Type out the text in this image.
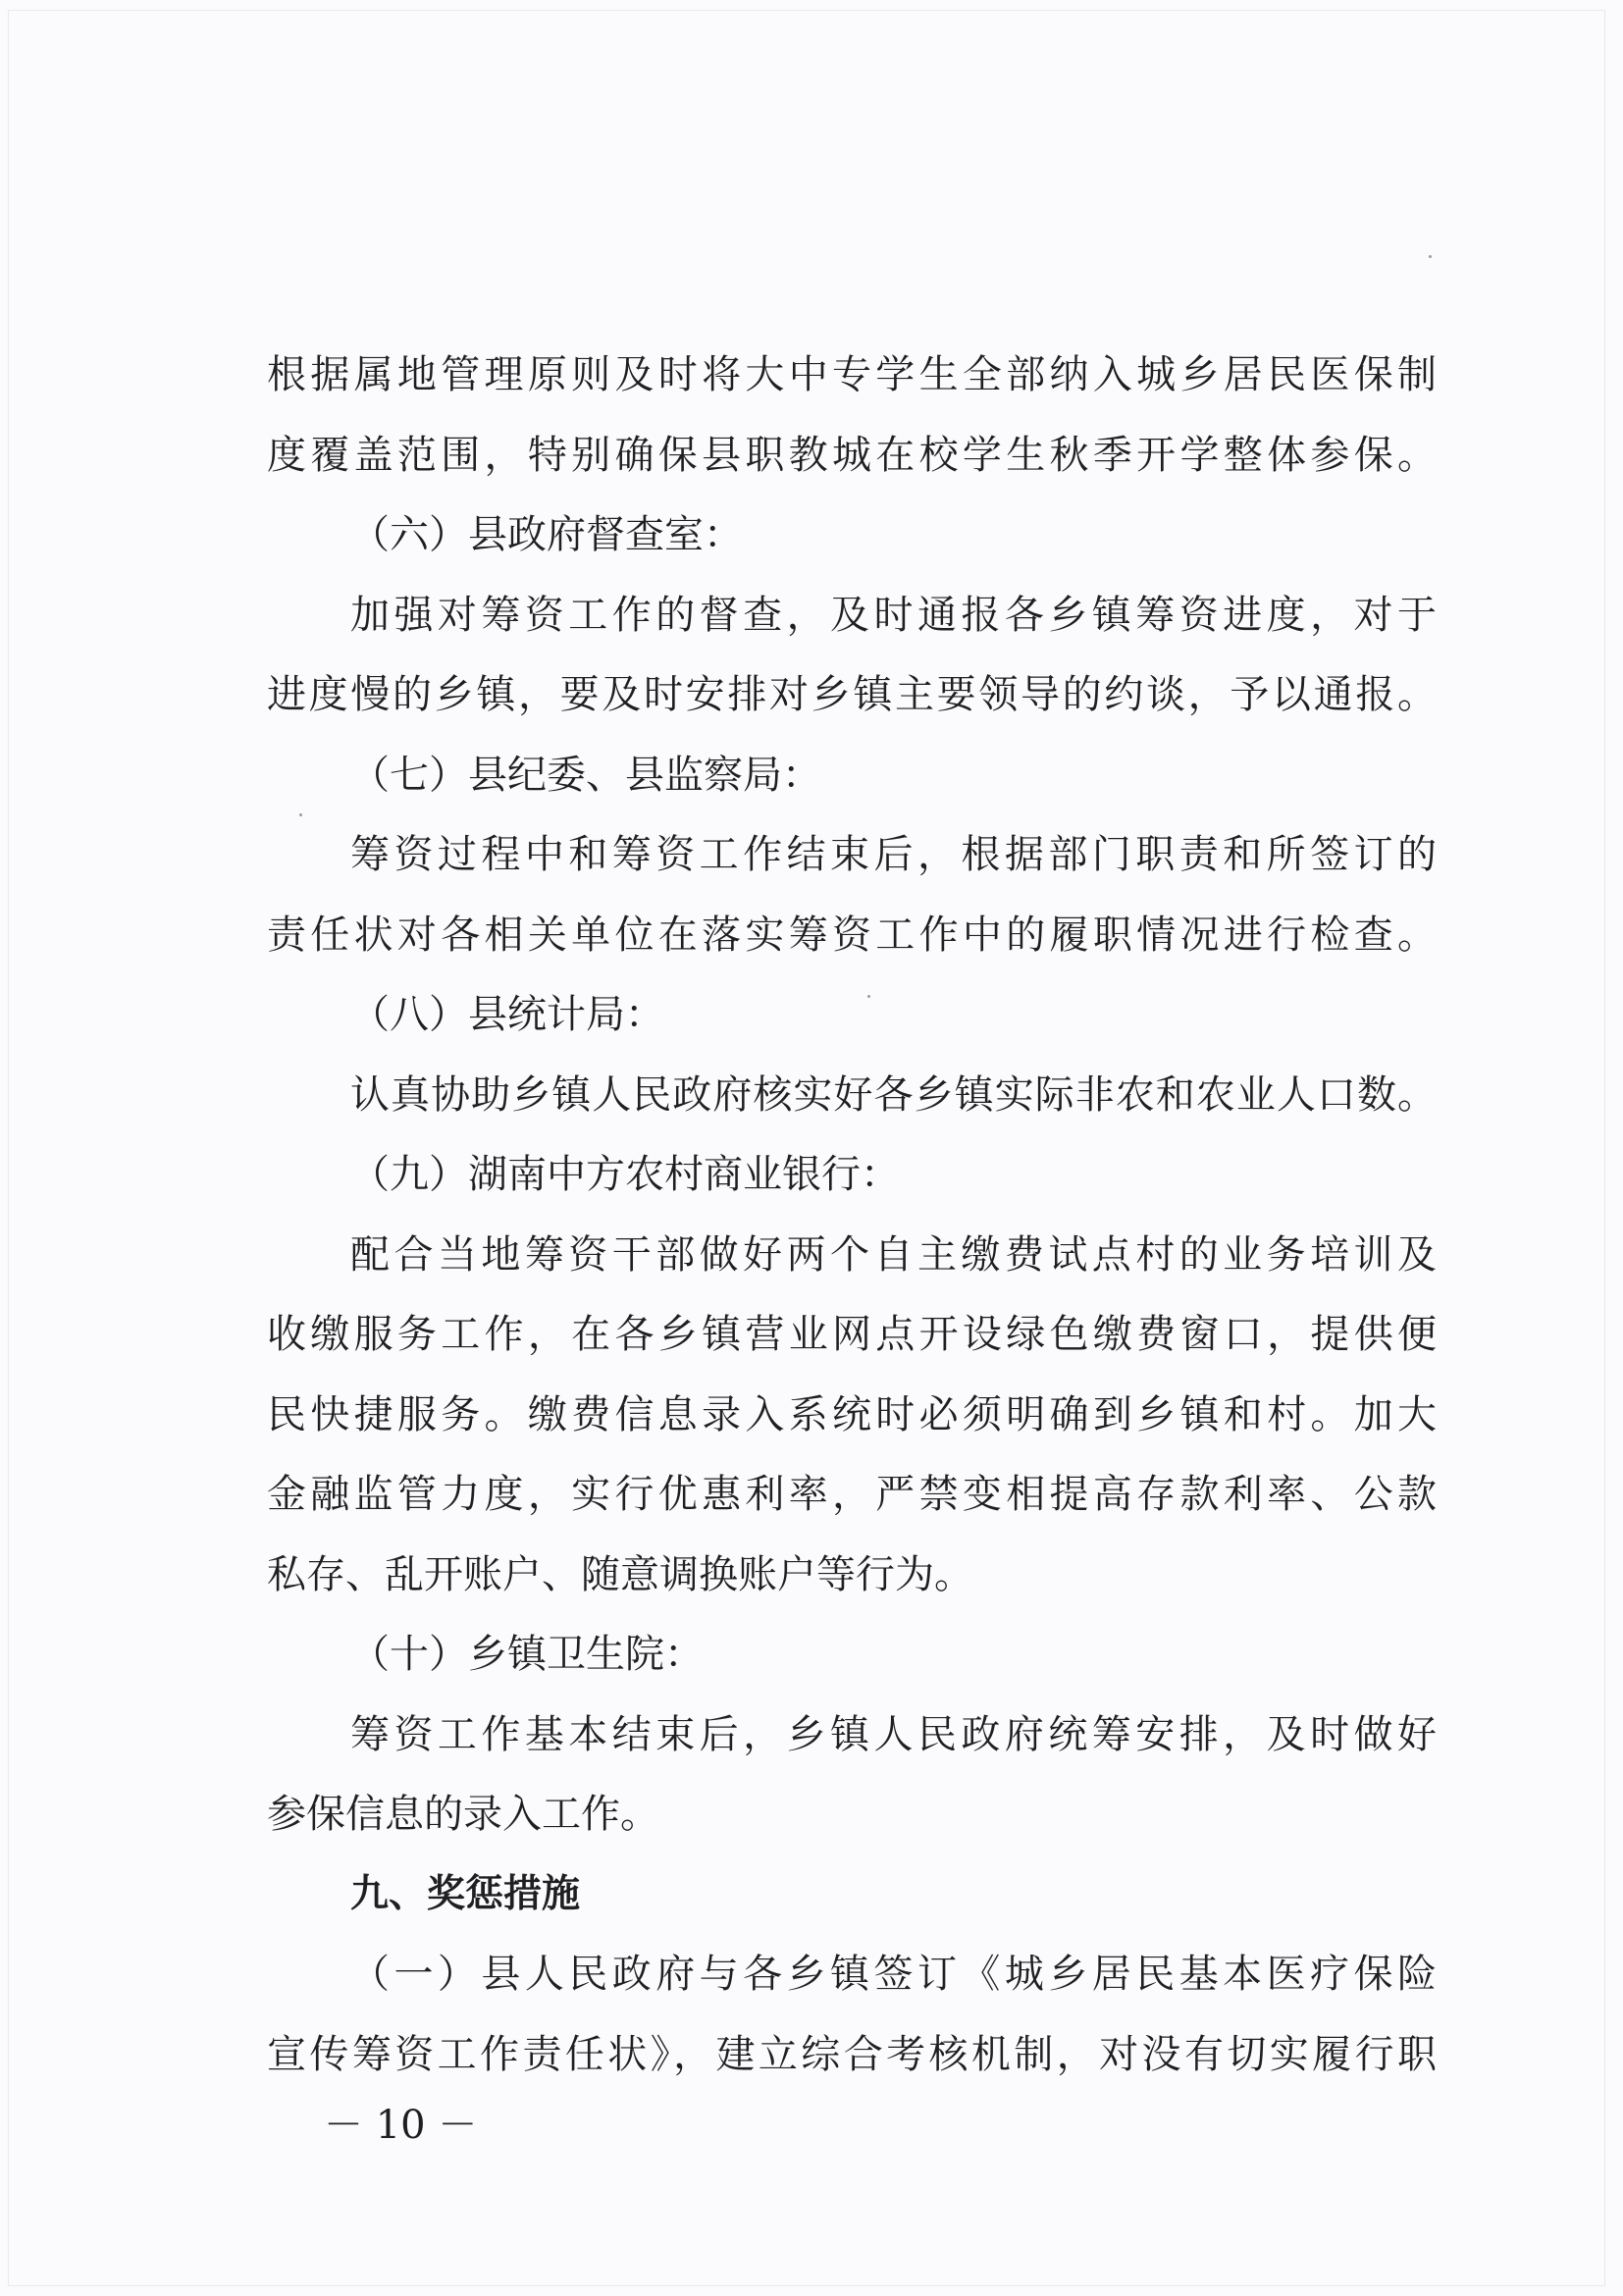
根据属地管理原则及时将大中专学生全部纳入城乡居民医保制
度覆盖范围，特别确保县职教城在校学生秋季开学整体参保。
（六）县政府督查室：
加强对筹资工作的督查，及时通报各乡镇筹资进度，对于
进度慢的乡镇，要及时安排对乡镇主要领导的约谈，予以通报。
（七）县纪委、县监察局：
筹资过程中和筹资工作结束后，根据部门职责和所签订的
责任状对各相关单位在落实筹资工作中的履职情况进行检查。
（八）县统计局：
认真协助乡镇人民政府核实好各乡镇实际非农和农业人口数。
（九）湖南中方农村商业银行：
配合当地筹资干部做好两个自主缴费试点村的业务培训及
收缴服务工作，在各乡镇营业网点开设绿色缴费窗口，提供便
民快捷服务。缴费信息录入系统时必须明确到乡镇和村。加大
金融监管力度，实行优惠利率，严禁变相提高存款利率、公款
私存、乱开账户、随意调换账户等行为。
（十）乡镇卫生院：
筹资工作基本结束后，乡镇人民政府统筹安排，及时做好
参保信息的录入工作。
九、奖惩措施
（一）县人民政府与各乡镇签订《城乡居民基本医疗保险
宣传筹资工作责任状》，建立综合考核机制，对没有切实履行职
－ 10 －
